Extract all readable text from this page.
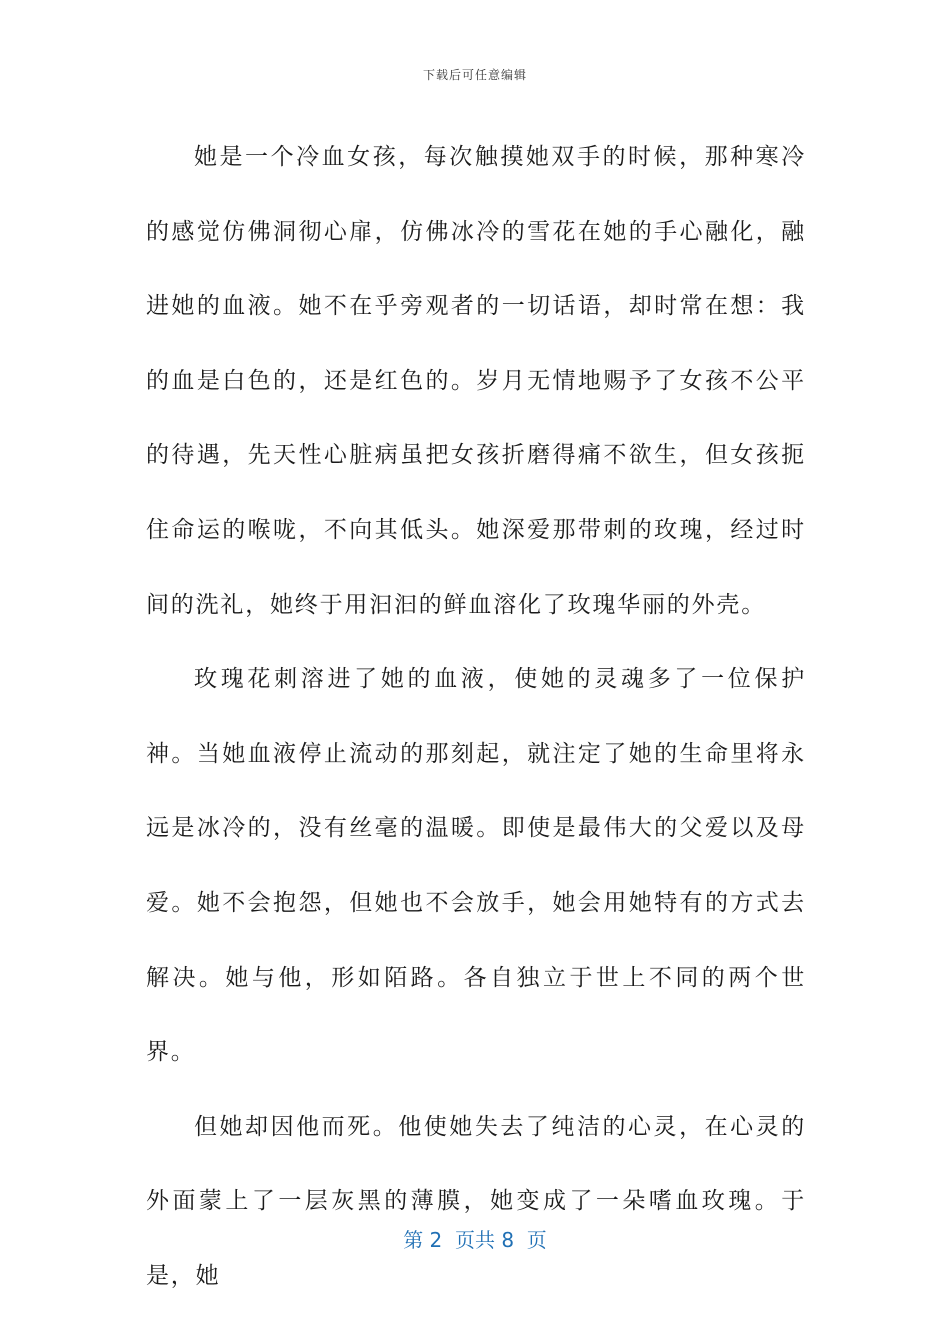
下载后可任意编辑

她是一个冷血女孩，每次触摸她双手的时候，那种寒冷的感觉仿佛洞彻心扉，仿佛冰冷的雪花在她的手心融化，融进她的血液。她不在乎旁观者的一切话语，却时常在想：我的血是白色的，还是红色的。岁月无情地赐予了女孩不公平的待遇，先天性心脏病虽把女孩折磨得痛不欲生，但女孩扼住命运的喉咙，不向其低头。她深爱那带刺的玫瑰，经过时间的洗礼，她终于用汩汩的鲜血溶化了玫瑰华丽的外壳。

玫瑰花刺溶进了她的血液，使她的灵魂多了一位保护神。当她血液停止流动的那刻起，就注定了她的生命里将永远是冰冷的，没有丝毫的温暖。即使是最伟大的父爱以及母爱。她不会抱怨，但她也不会放手，她会用她特有的方式去解决。她与他，形如陌路。各自独立于世上不同的两个世界。

但她却因他而死。他使她失去了纯洁的心灵，在心灵的外面蒙上了一层灰黑的薄膜，她变成了一朵嗜血玫瑰。于是，她

第 2  页共 8  页
